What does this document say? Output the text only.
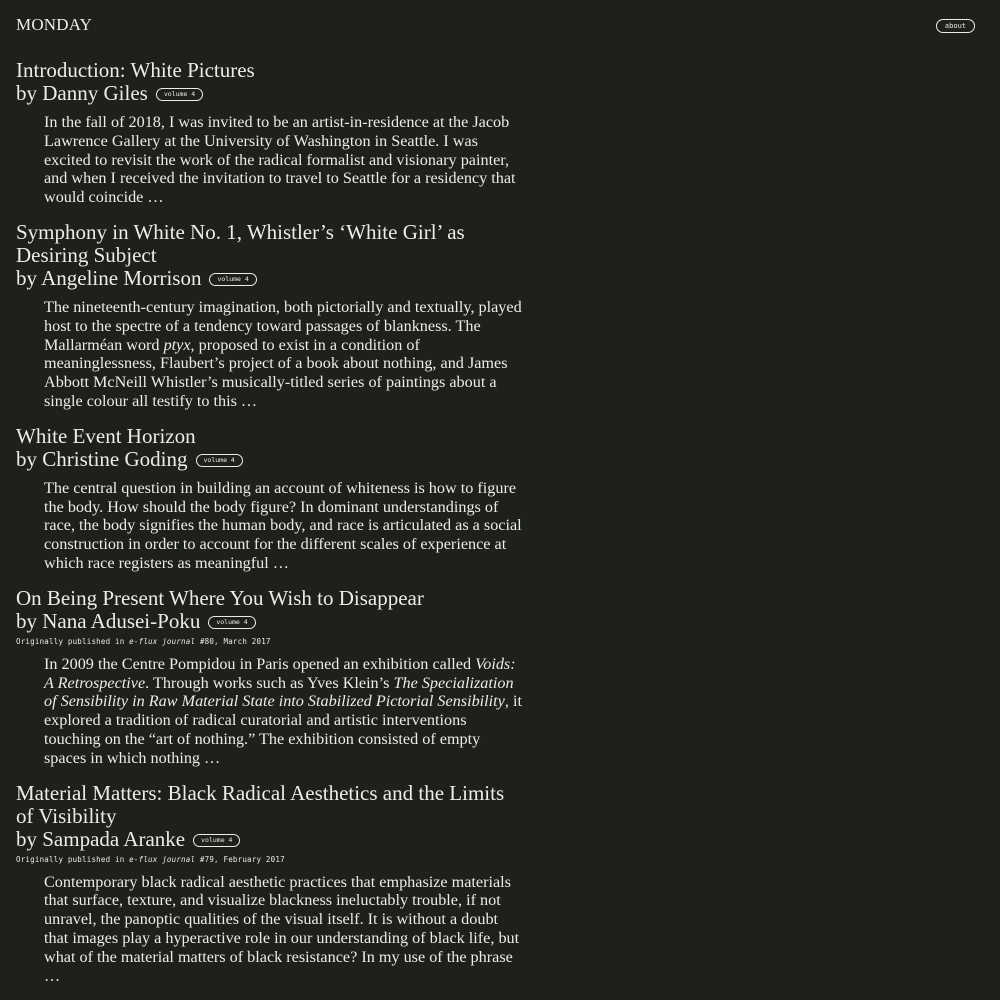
MONDAY	about
Introduction: White Pictures
by Danny Giles	volume 4

In the fall of 2018, I was invited to be an artist-in-residence at the Jacob Lawrence Gallery at the University of Washington in Seattle. I was excited to revisit the work of the radical formalist and visionary painter, and when I received the invitation to travel to Seattle for a residency that would coincide …

Symphony in White No. 1, Whistler’s ‘White Girl’ as Desiring Subject
by Angeline Morrison	volume 4

The nineteenth-century imagination, both pictorially and textually, played host to the spectre of a tendency toward passages of blankness. The Mallarméan word ptyx, proposed to exist in a condition of meaninglessness, Flaubert’s project of a book about nothing, and James Abbott McNeill Whistler’s musically-titled series of paintings about a single colour all testify to this …

White Event Horizon
by Christine Goding	volume 4

The central question in building an account of whiteness is how to figure the body. How should the body figure? In dominant understandings of race, the body signifies the human body, and race is articulated as a social construction in order to account for the different scales of experience at which race registers as meaningful …

On Being Present Where You Wish to Disappear
by Nana Adusei-Poku	volume 4

Originally published in e-flux journal #80, March 2017

In 2009 the Centre Pompidou in Paris opened an exhibition called Voids: A Retrospective. Through works such as Yves Klein’s The Specialization of Sensibility in Raw Material State into Stabilized Pictorial Sensibility, it explored a tradition of radical curatorial and artistic interventions touching on the “art of nothing.” The exhibition consisted of empty spaces in which nothing …

Material Matters: Black Radical Aesthetics and the Limits of Visibility
by Sampada Aranke	volume 4

Originally published in e-flux journal #79, February 2017

Contemporary black radical aesthetic practices that emphasize materials that surface, texture, and visualize blackness ineluctably trouble, if not unravel, the panoptic qualities of the visual itself. It is without a doubt that images play a hyperactive role in our understanding of black life, but what of the material matters of black resistance? In my use of the phrase …
